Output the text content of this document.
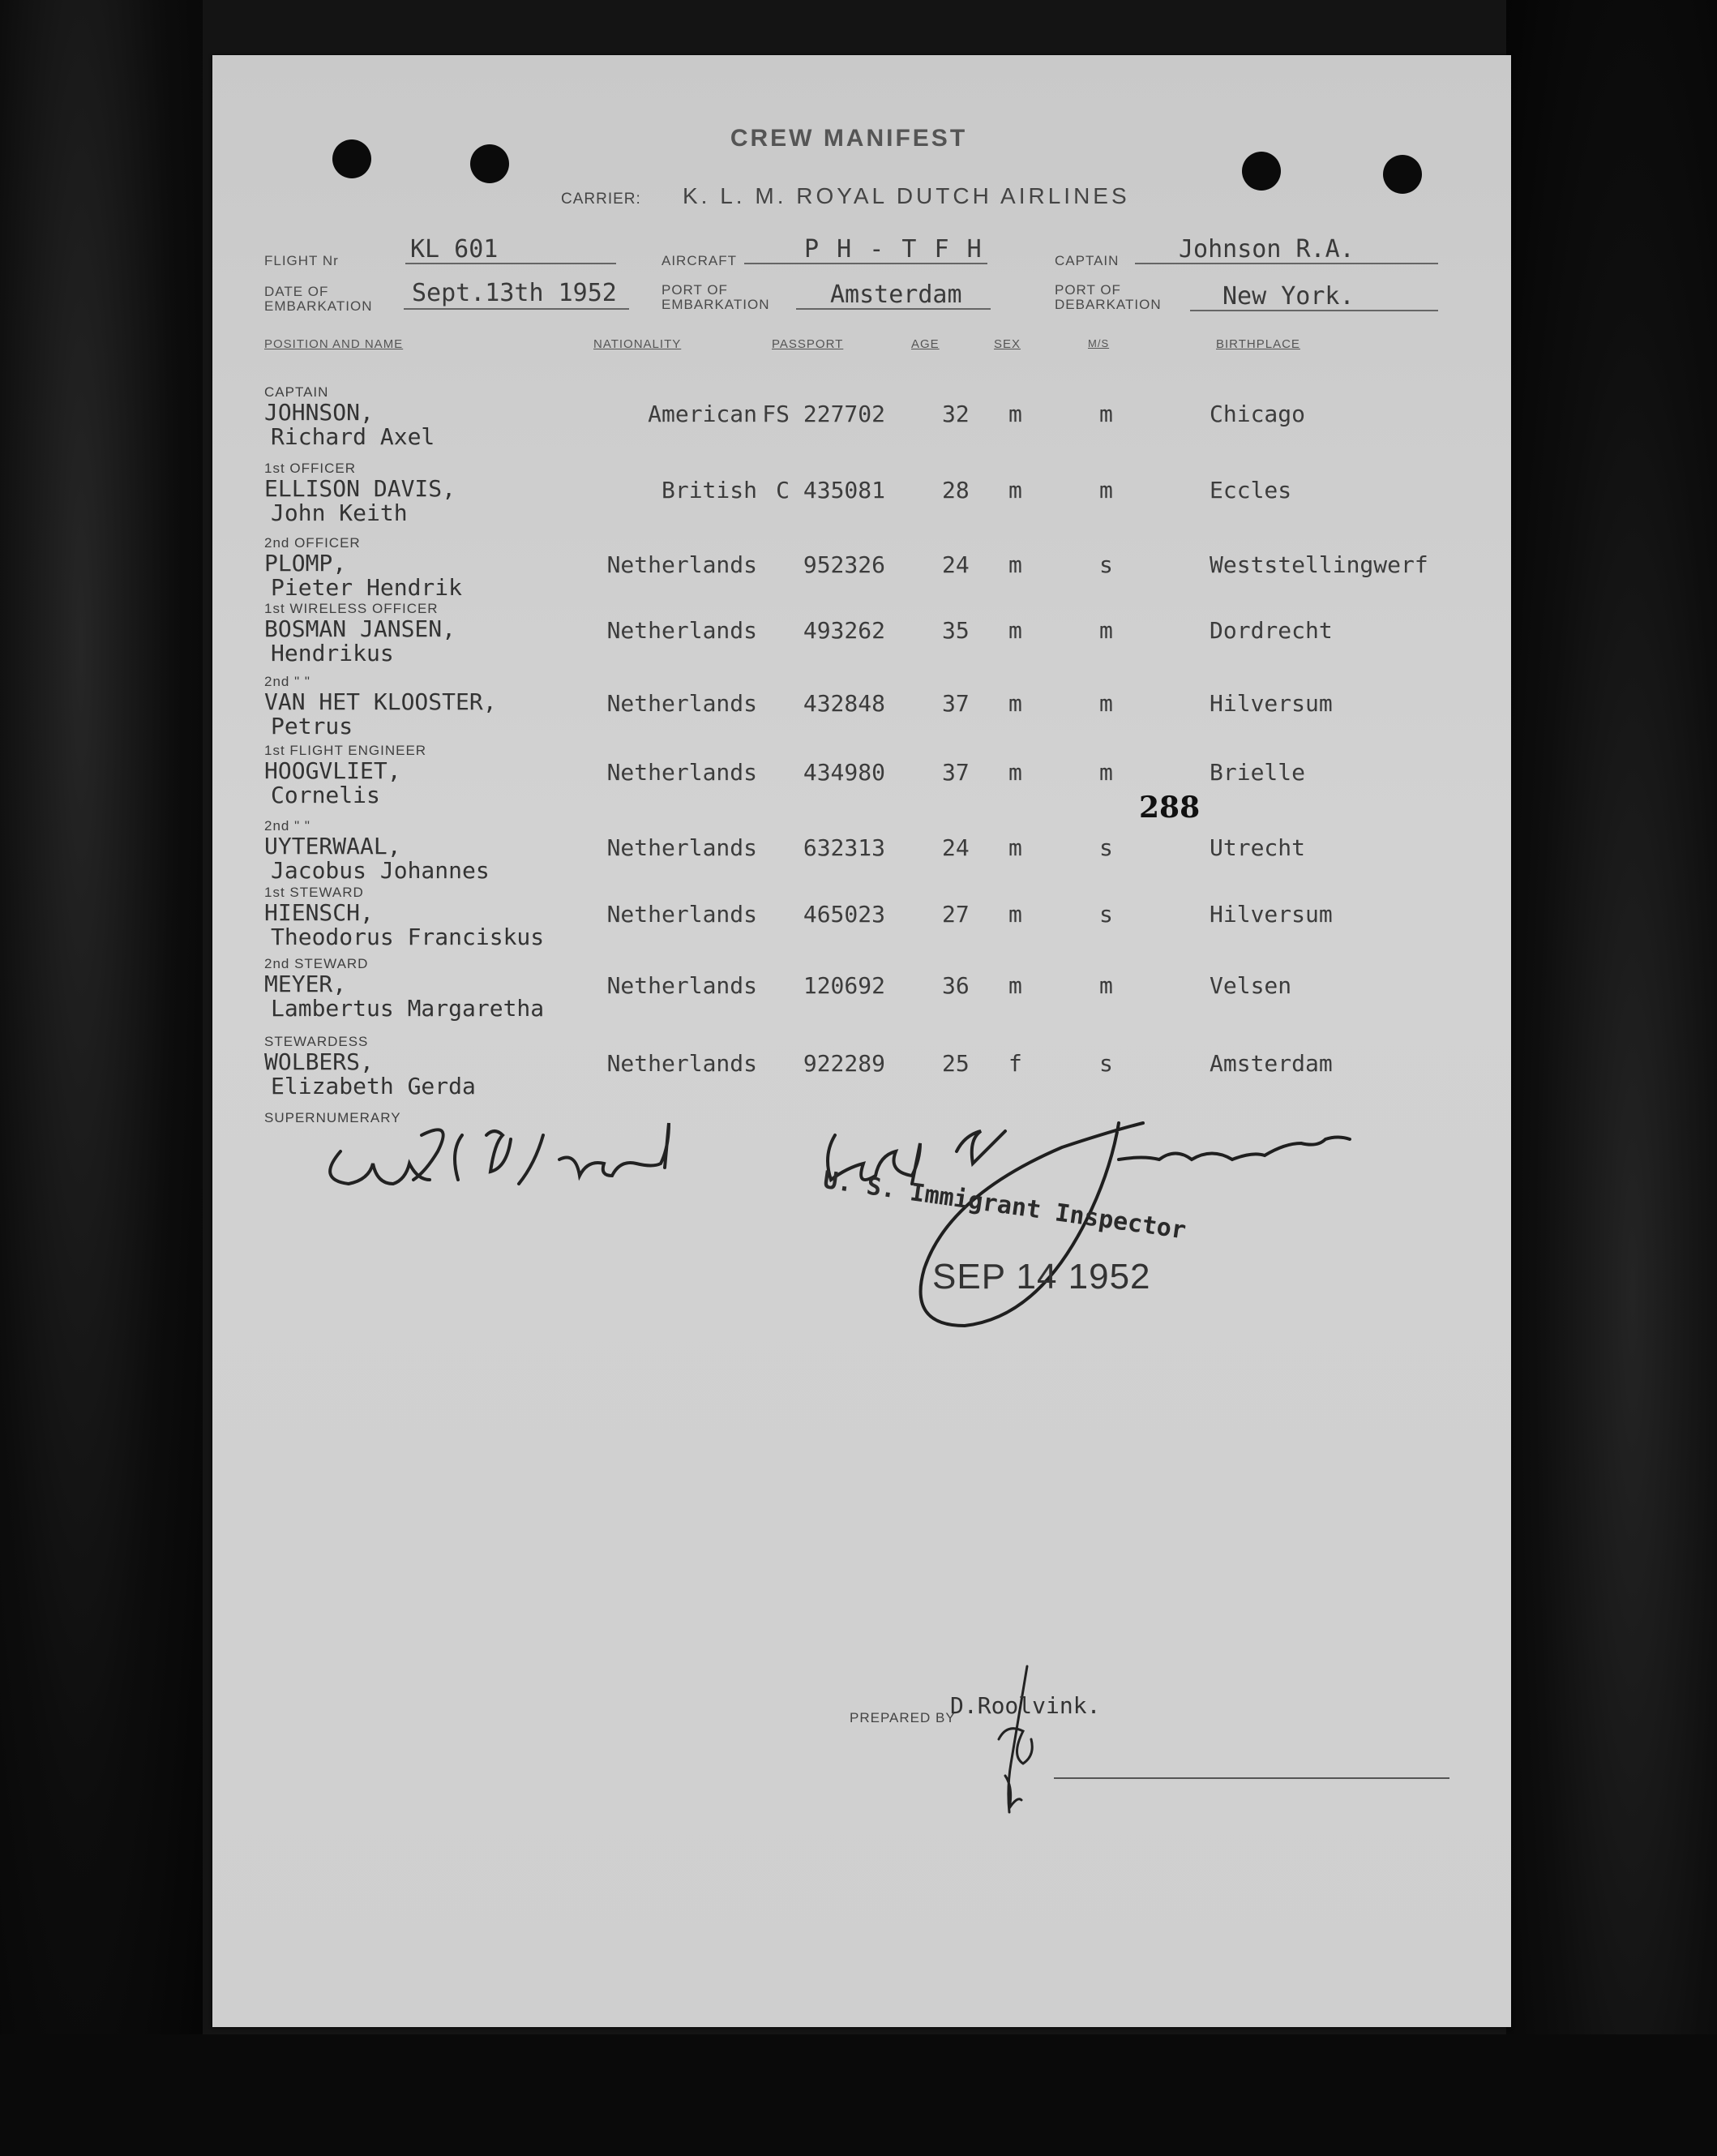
CREW MANIFEST
CARRIER: K. L. M. ROYAL DUTCH AIRLINES
FLIGHT Nr	KL 601	AIRCRAFT	P H - T F H	CAPTAIN Johnson R.A.
DATE OF
EMBARKATION Sept.13th 1952	PORT OF
EMBARKATION Amsterdam	PORT OF
DEBARKATION	New York.
POSITION AND NAME	NATIONALITY	PASSPORT	AGE	SEX	M/S	BIRTHPLACE
CAPTAIN
JOHNSON,
Richard Axel
American FS 227702	32 m	m	Chicago
1st OFFICER
ELLISON DAVIS,
John Keith
British C 435081	28 m	m	Eccles
2nd OFFICER
PLOMP,
Pieter Hendrik
Netherlands 952326	24 m	s	Weststellingwerf
1st WIRELESS OFFICER
BOSMAN JANSEN,
Hendrikus
Netherlands 493262	35 m	m	Dordrecht
2nd " "
VAN HET KLOOSTER,
Petrus
Netherlands 432848	37 m	m	Hilversum
1st FLIGHT ENGINEER
HOOGVLIET,
Cornelis
Netherlands 434980	37 m	m	Brielle
2nd " "
UYTERWAAL,
Jacobus Johannes
Netherlands 632313	24 m	s	Utrecht
1st STEWARD
HIENSCH,
Theodorus Franciskus
Netherlands 465023	27 m	s	Hilversum
2nd STEWARD
MEYER,
Lambertus Margaretha
Netherlands 120692	36 m	m	Velsen
STEWARDESS
WOLBERS,
Elizabeth Gerda
Netherlands 922289	25 f	s	Amsterdam
SUPERNUMERARY
288
U. S. Immigrant Inspector
SEP 14 1952
PREPARED BY
D.Roolvink.
